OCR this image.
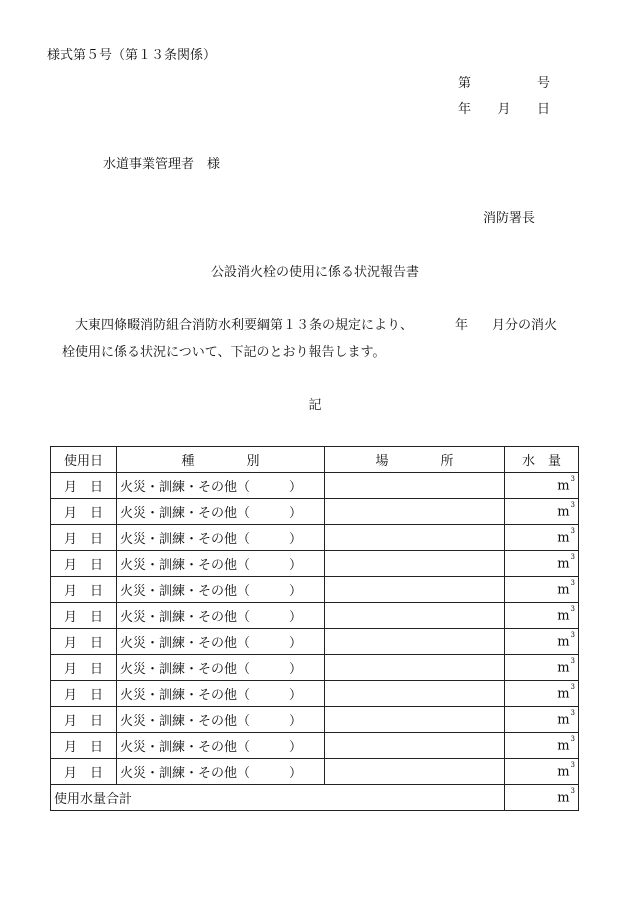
様式第５号（第１３条関係）
第	号
年 月 日
水道事業管理者　様
消防署長
公設消火栓の使用に係る状況報告書
大東四條畷消防組合消防水利要綱第１３条の規定により、	年 月分の消火
栓使用に係る状況について、下記のとおり報告します。
記
使用日	種　　　　別	場　　　　所	水　量
月　日	火災・訓練・その他（　　　）		$m^3$
月　日	火災・訓練・その他（　　　）		$m^3$
月　日	火災・訓練・その他（　　　）		$m^3$
月　日	火災・訓練・その他（　　　）		$m^3$
月　日	火災・訓練・その他（　　　）		$m^3$
月　日	火災・訓練・その他（　　　）		$m^3$
月　日	火災・訓練・その他（　　　）		$m^3$
月　日	火災・訓練・その他（　　　）		$m^3$
月　日	火災・訓練・その他（　　　）		$m^3$
月　日	火災・訓練・その他（　　　）		$m^3$
月　日	火災・訓練・その他（　　　）		$m^3$
月　日	火災・訓練・その他（　　　）		$m^3$
使用水量合計			$m^3$
